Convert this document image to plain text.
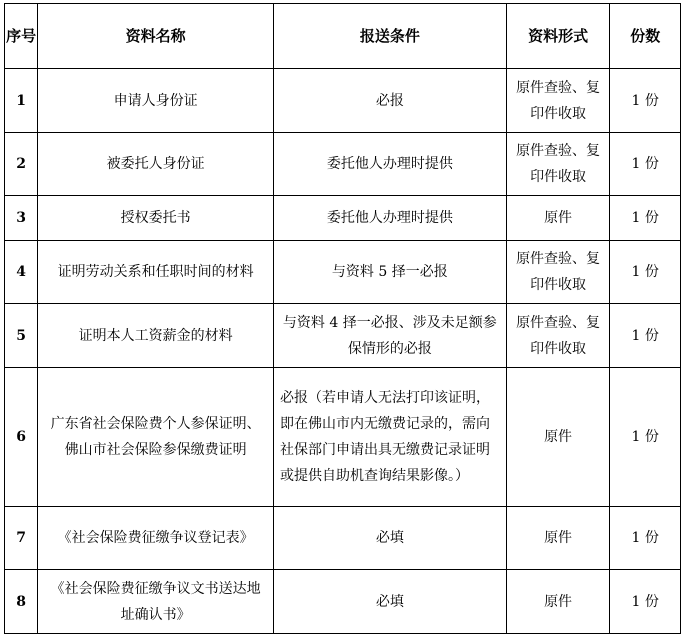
序号	资料名称	报送条件	资料形式	份数
1	申请人身份证	必报	原件查验、复印件收取	1 份
2	被委托人身份证	委托他人办理时提供	原件查验、复印件收取	1 份
3	授权委托书	委托他人办理时提供	原件	1 份
4	证明劳动关系和任职时间的材料	与资料 5 择一必报	原件查验、复印件收取	1 份
5	证明本人工资薪金的材料	与资料 4 择一必报、涉及未足额参保情形的必报	原件查验、复印件收取	1 份
6	广东省社会保险费个人参保证明、佛山市社会保险参保缴费证明	必报（若申请人无法打印该证明，即在佛山市内无缴费记录的，需向社保部门申请出具无缴费记录证明或提供自助机查询结果影像。）	原件	1 份
7	《社会保险费征缴争议登记表》	必填	原件	1 份
8	《社会保险费征缴争议文书送达地址确认书》	必填	原件	1 份
